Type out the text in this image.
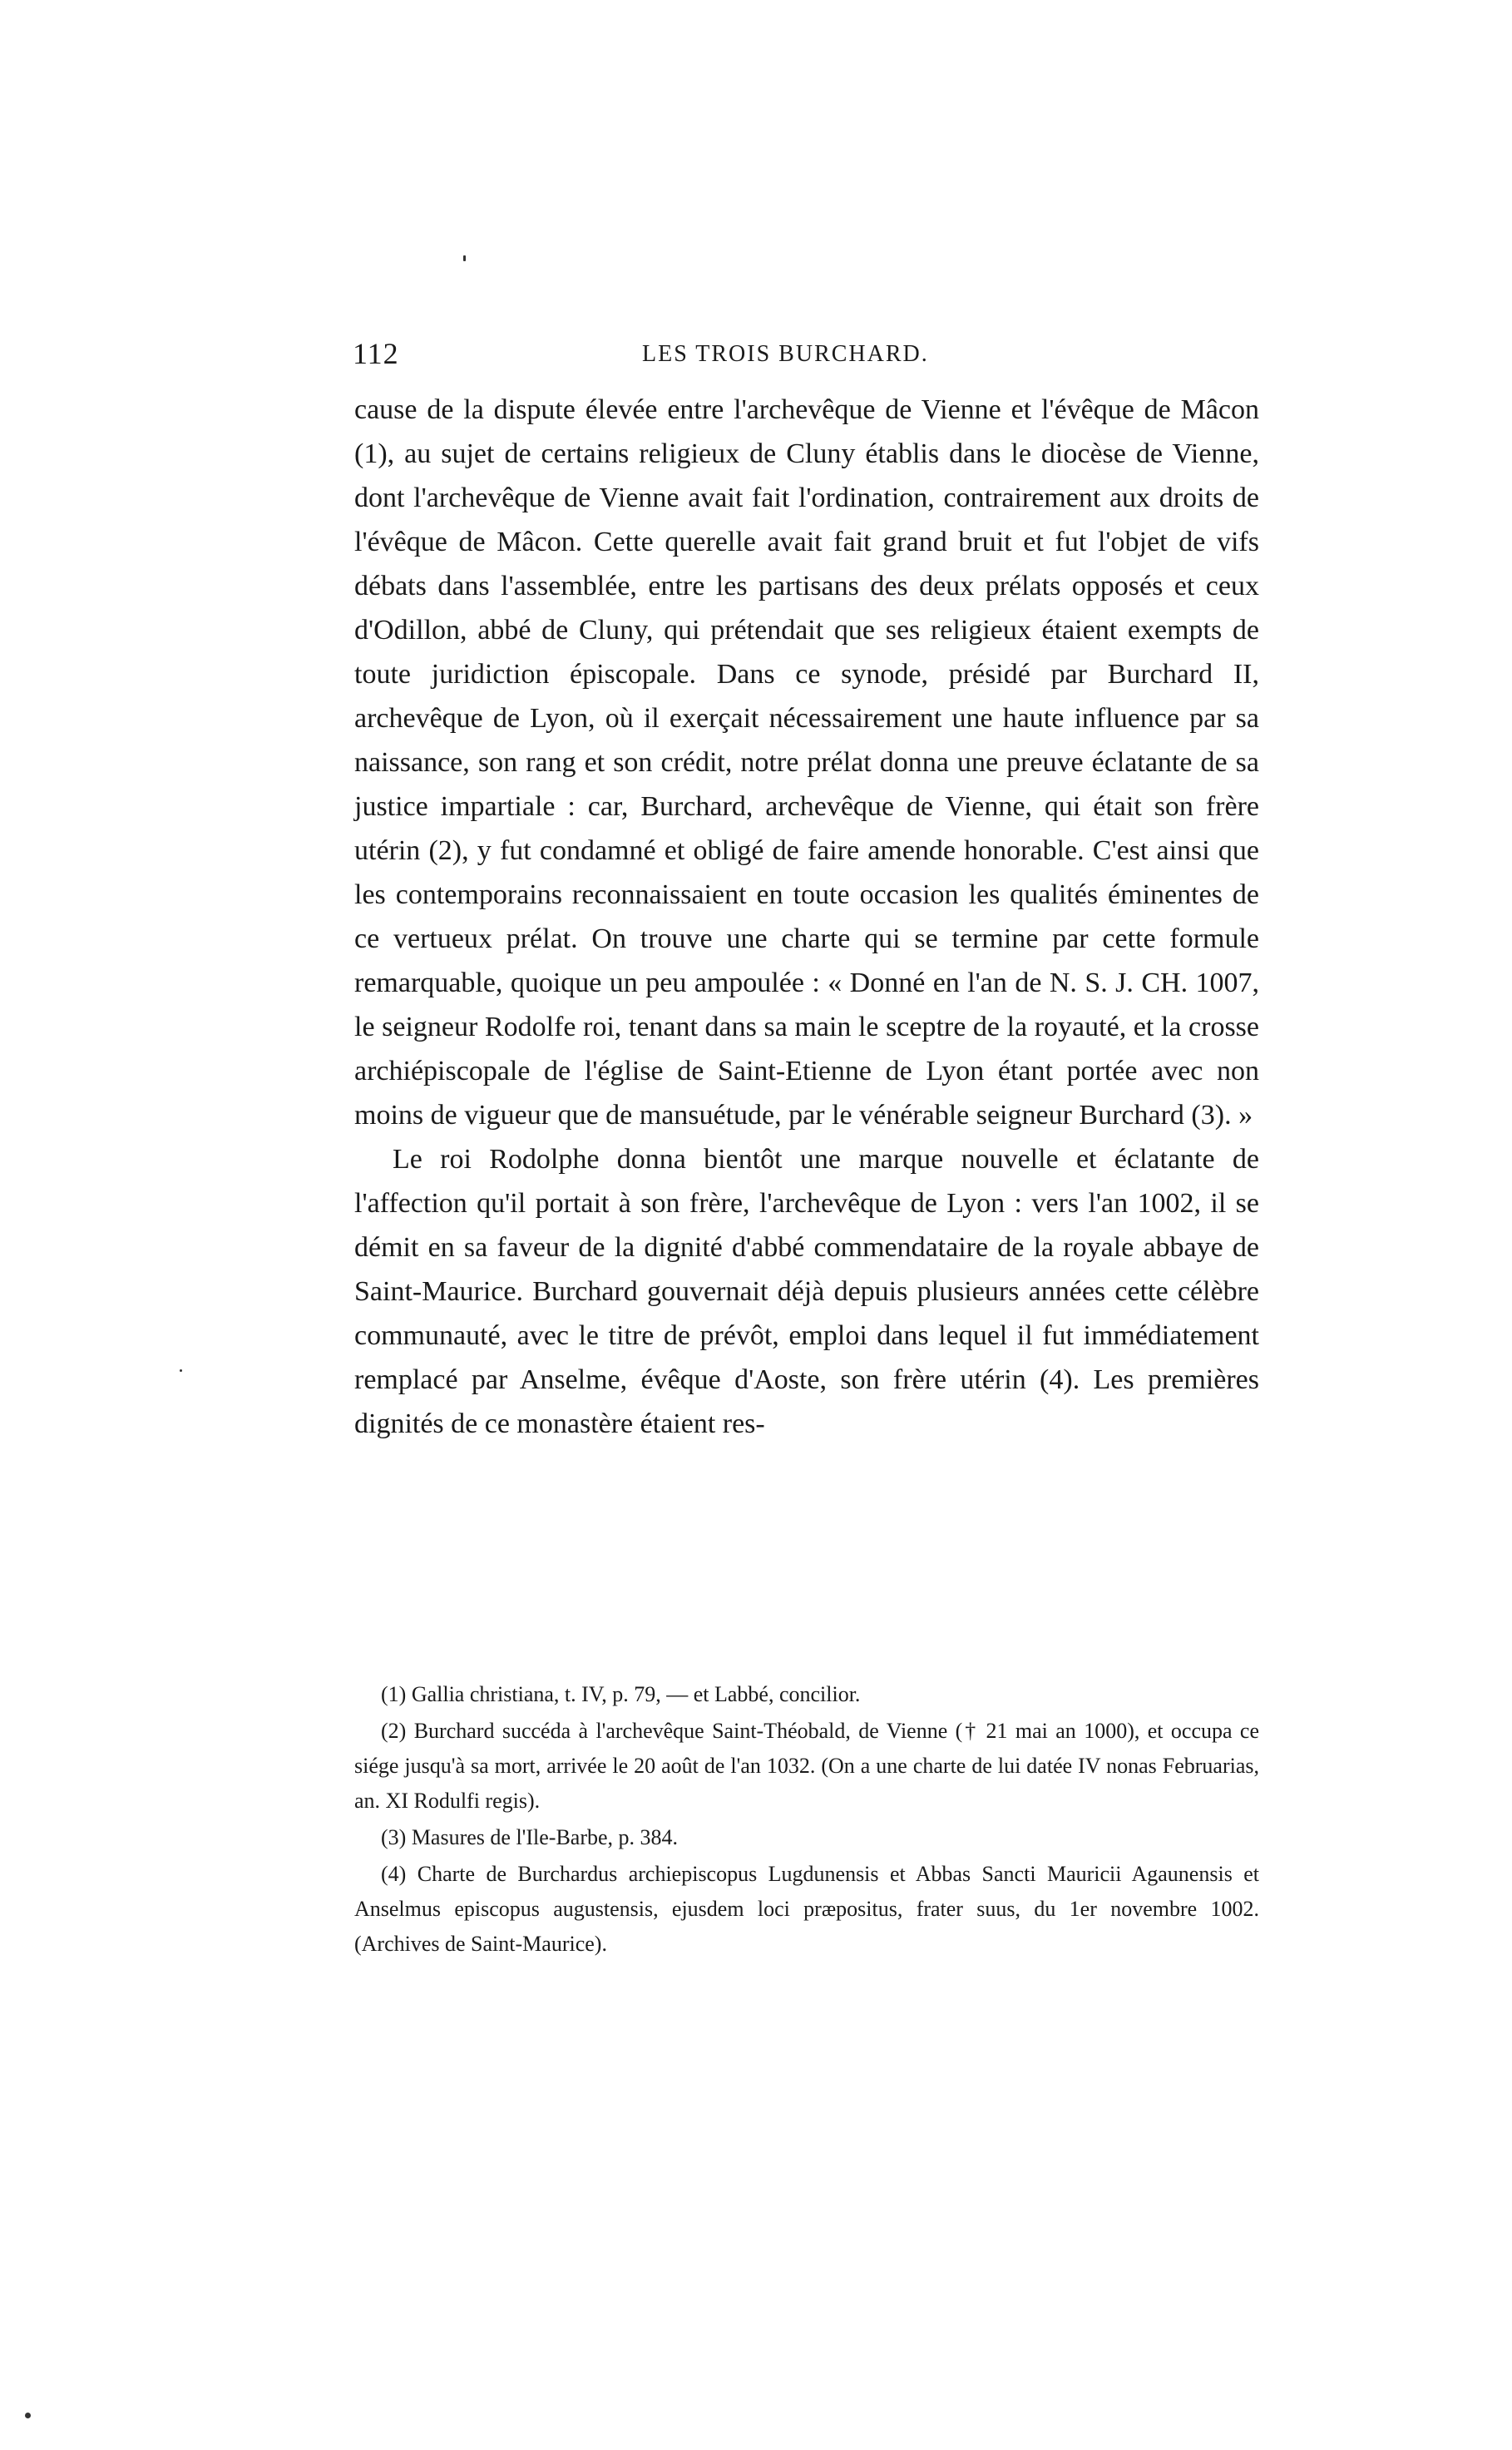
112	LES TROIS BURCHARD.

cause de la dispute élevée entre l'archevêque de Vienne et l'évêque de Mâcon (1), au sujet de certains religieux de Cluny établis dans le diocèse de Vienne, dont l'archevêque de Vienne avait fait l'ordination, contrairement aux droits de l'évêque de Mâcon. Cette querelle avait fait grand bruit et fut l'objet de vifs débats dans l'assemblée, entre les partisans des deux prélats opposés et ceux d'Odillon, abbé de Cluny, qui prétendait que ses religieux étaient exempts de toute juridiction épiscopale. Dans ce synode, présidé par Burchard II, archevêque de Lyon, où il exerçait nécessairement une haute influence par sa naissance, son rang et son crédit, notre prélat donna une preuve éclatante de sa justice impartiale : car, Burchard, archevêque de Vienne, qui était son frère utérin (2), y fut condamné et obligé de faire amende honorable. C'est ainsi que les contemporains reconnaissaient en toute occasion les qualités éminentes de ce vertueux prélat. On trouve une charte qui se termine par cette formule remarquable, quoique un peu ampoulée : « Donné en l'an de N. S. J. CH. 1007, le seigneur Rodolfe roi, tenant dans sa main le sceptre de la royauté, et la crosse archiépiscopale de l'église de Saint-Etienne de Lyon étant portée avec non moins de vigueur que de mansuétude, par le vénérable seigneur Burchard (3). »

Le roi Rodolphe donna bientôt une marque nouvelle et éclatante de l'affection qu'il portait à son frère, l'archevêque de Lyon : vers l'an 1002, il se démit en sa faveur de la dignité d'abbé commendataire de la royale abbaye de Saint-Maurice. Burchard gouvernait déjà depuis plusieurs années cette célèbre communauté, avec le titre de prévôt, emploi dans lequel il fut immédiatement remplacé par Anselme, évêque d'Aoste, son frère utérin (4). Les premières dignités de ce monastère étaient res-

(1) Gallia christiana, t. IV, p. 79, — et Labbé, concilior.

(2) Burchard succéda à l'archevêque Saint-Théobald, de Vienne († 21 mai an 1000), et occupa ce siége jusqu'à sa mort, arrivée le 20 août de l'an 1032. (On a une charte de lui datée IV nonas Februarias, an. XI Rodulfi regis).

(3) Masures de l'Ile-Barbe, p. 384.

(4) Charte de Burchardus archiepiscopus Lugdunensis et Abbas Sancti Mauricii Agaunensis et Anselmus episcopus augustensis, ejusdem loci præpositus, frater suus, du 1er novembre 1002. (Archives de Saint-Maurice).
